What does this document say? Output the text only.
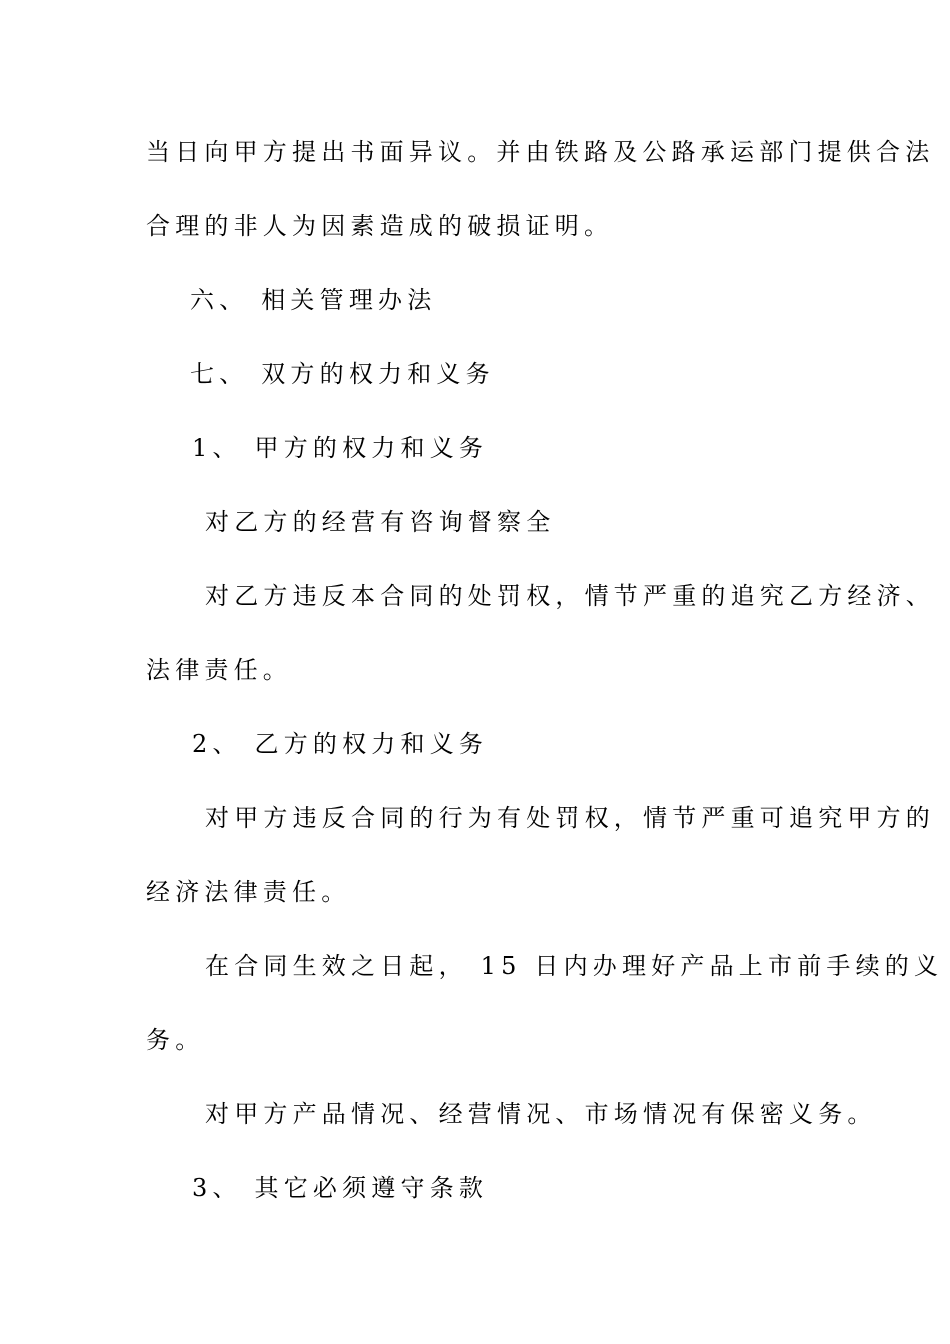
当日向甲方提出书面异议。并由铁路及公路承运部门提供合法
合理的非人为因素造成的破损证明。
六、 相关管理办法
七、 双方的权力和义务
1、 甲方的权力和义务
对乙方的经营有咨询督察全
对乙方违反本合同的处罚权，情节严重的追究乙方经济、
法律责任。
2、 乙方的权力和义务
对甲方违反合同的行为有处罚权，情节严重可追究甲方的
经济法律责任。
在合同生效之日起， 15 日内办理好产品上市前手续的义
务。
对甲方产品情况、经营情况、市场情况有保密义务。
3、 其它必须遵守条款
